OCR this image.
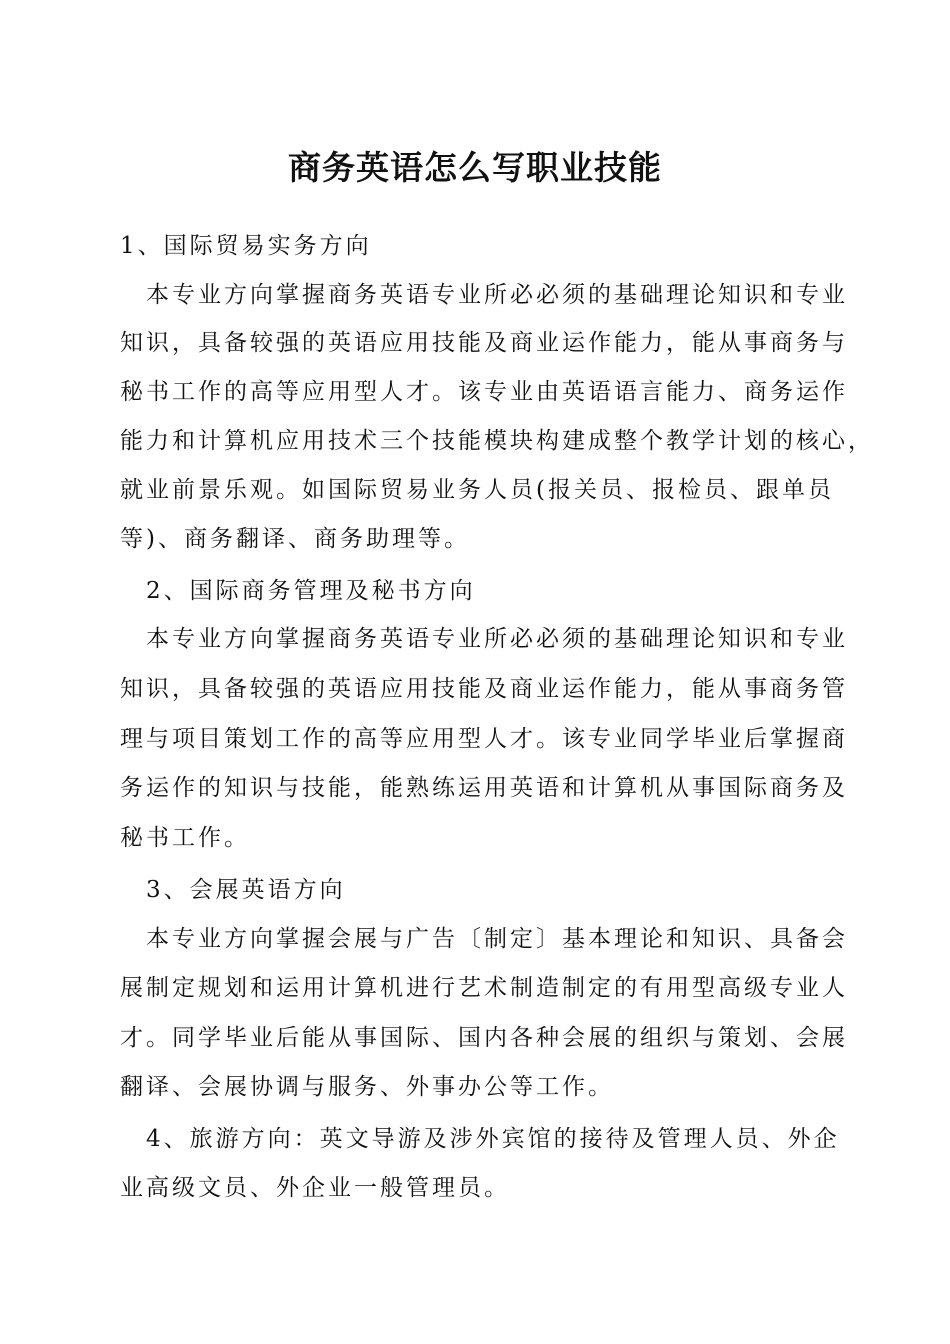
商务英语怎么写职业技能
1、国际贸易实务方向
本专业方向掌握商务英语专业所必必须的基础理论知识和专业
知识，具备较强的英语应用技能及商业运作能力，能从事商务与
秘书工作的高等应用型人才。该专业由英语语言能力、商务运作
能力和计算机应用技术三个技能模块构建成整个教学计划的核心，
就业前景乐观。如国际贸易业务人员(报关员、报检员、跟单员
等)、商务翻译、商务助理等。
2、国际商务管理及秘书方向
本专业方向掌握商务英语专业所必必须的基础理论知识和专业
知识，具备较强的英语应用技能及商业运作能力，能从事商务管
理与项目策划工作的高等应用型人才。该专业同学毕业后掌握商
务运作的知识与技能，能熟练运用英语和计算机从事国际商务及
秘书工作。
3、会展英语方向
本专业方向掌握会展与广告〔制定〕基本理论和知识、具备会
展制定规划和运用计算机进行艺术制造制定的有用型高级专业人
才。同学毕业后能从事国际、国内各种会展的组织与策划、会展
翻译、会展协调与服务、外事办公等工作。
4、旅游方向：英文导游及涉外宾馆的接待及管理人员、外企
业高级文员、外企业一般管理员。
